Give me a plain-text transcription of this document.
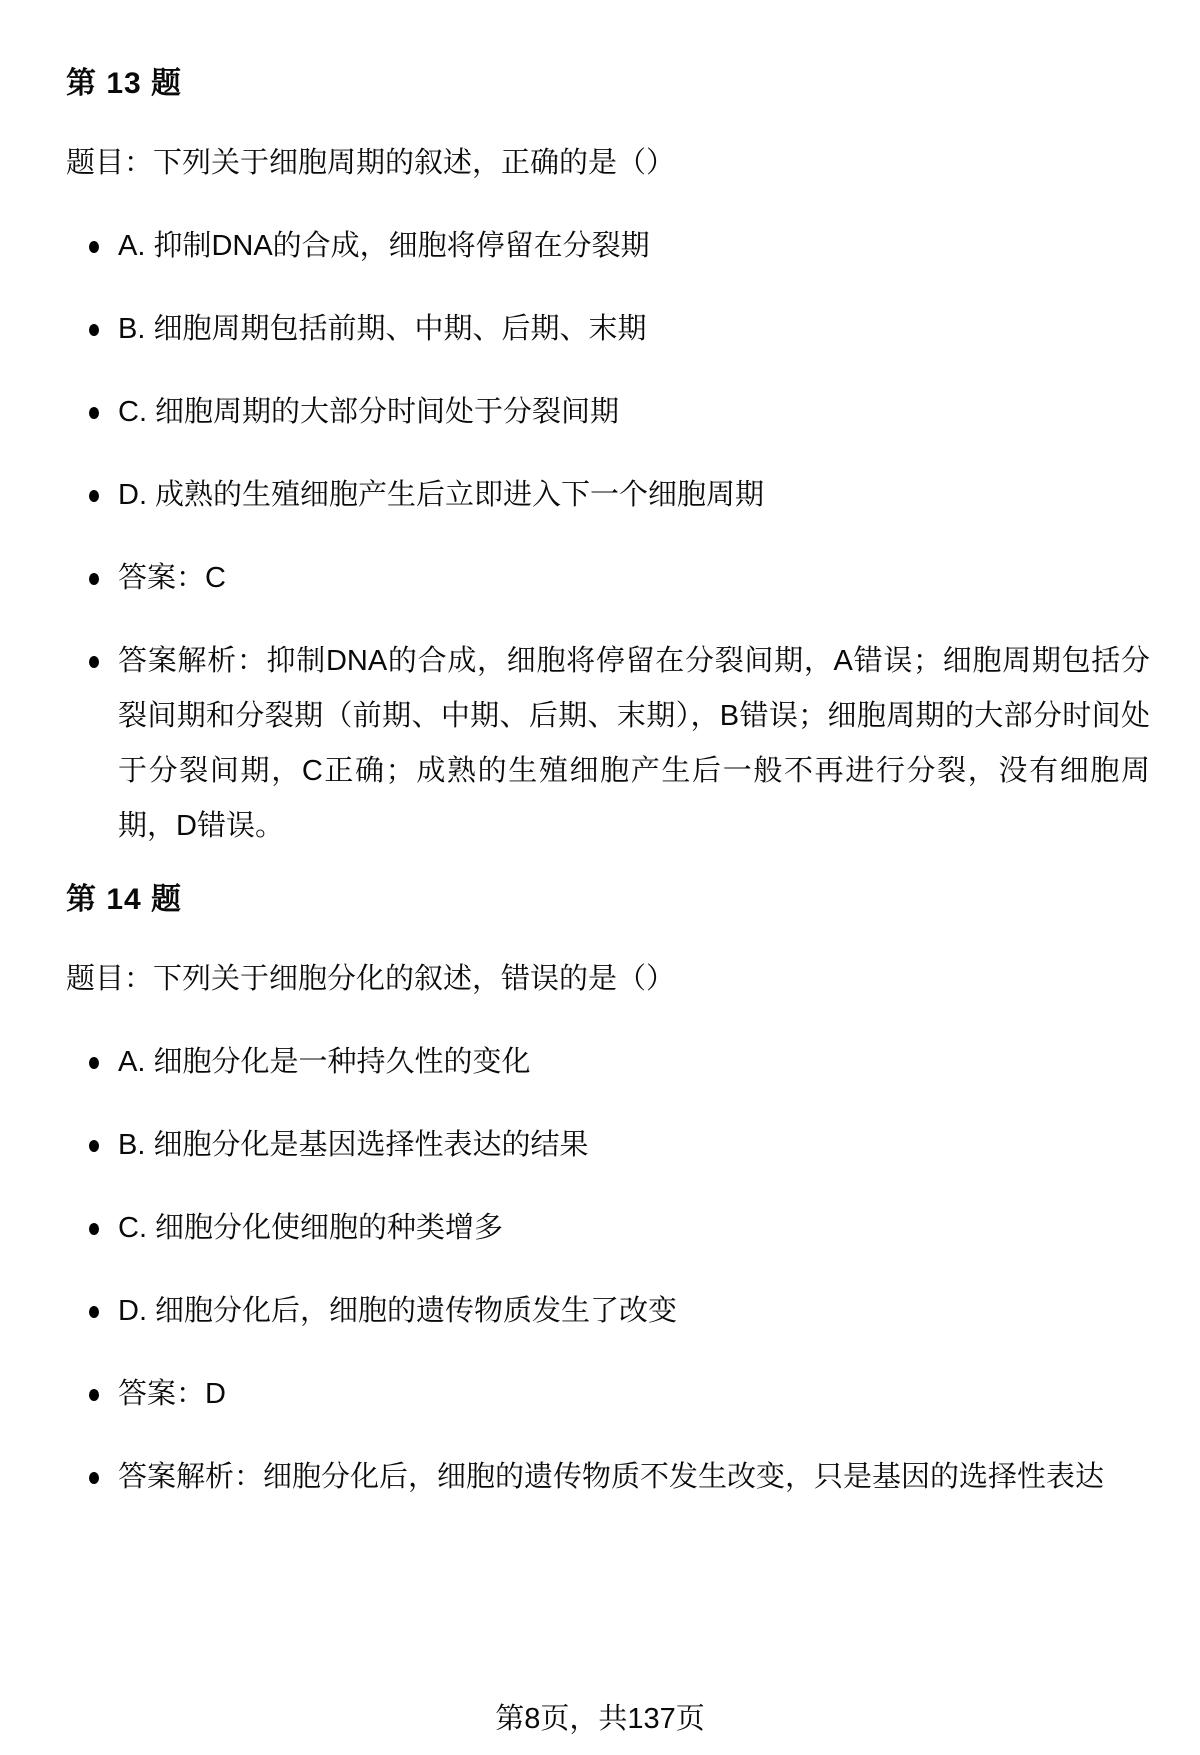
第 13 题

题目：下列关于细胞周期的叙述，正确的是（）

A. 抑制DNA的合成，细胞将停留在分裂期
B. 细胞周期包括前期、中期、后期、末期
C. 细胞周期的大部分时间处于分裂间期
D. 成熟的生殖细胞产生后立即进入下一个细胞周期
答案：C
答案解析：抑制DNA的合成，细胞将停留在分裂间期，A错误；细胞周期包括分裂间期和分裂期（前期、中期、后期、末期），B错误；细胞周期的大部分时间处于分裂间期，C正确；成熟的生殖细胞产生后一般不再进行分裂，没有细胞周期，D错误。
第 14 题

题目：下列关于细胞分化的叙述，错误的是（）

A. 细胞分化是一种持久性的变化
B. 细胞分化是基因选择性表达的结果
C. 细胞分化使细胞的种类增多
D. 细胞分化后，细胞的遗传物质发生了改变
答案：D
答案解析：细胞分化后，细胞的遗传物质不发生改变，只是基因的选择性表达
第8页，共137页
